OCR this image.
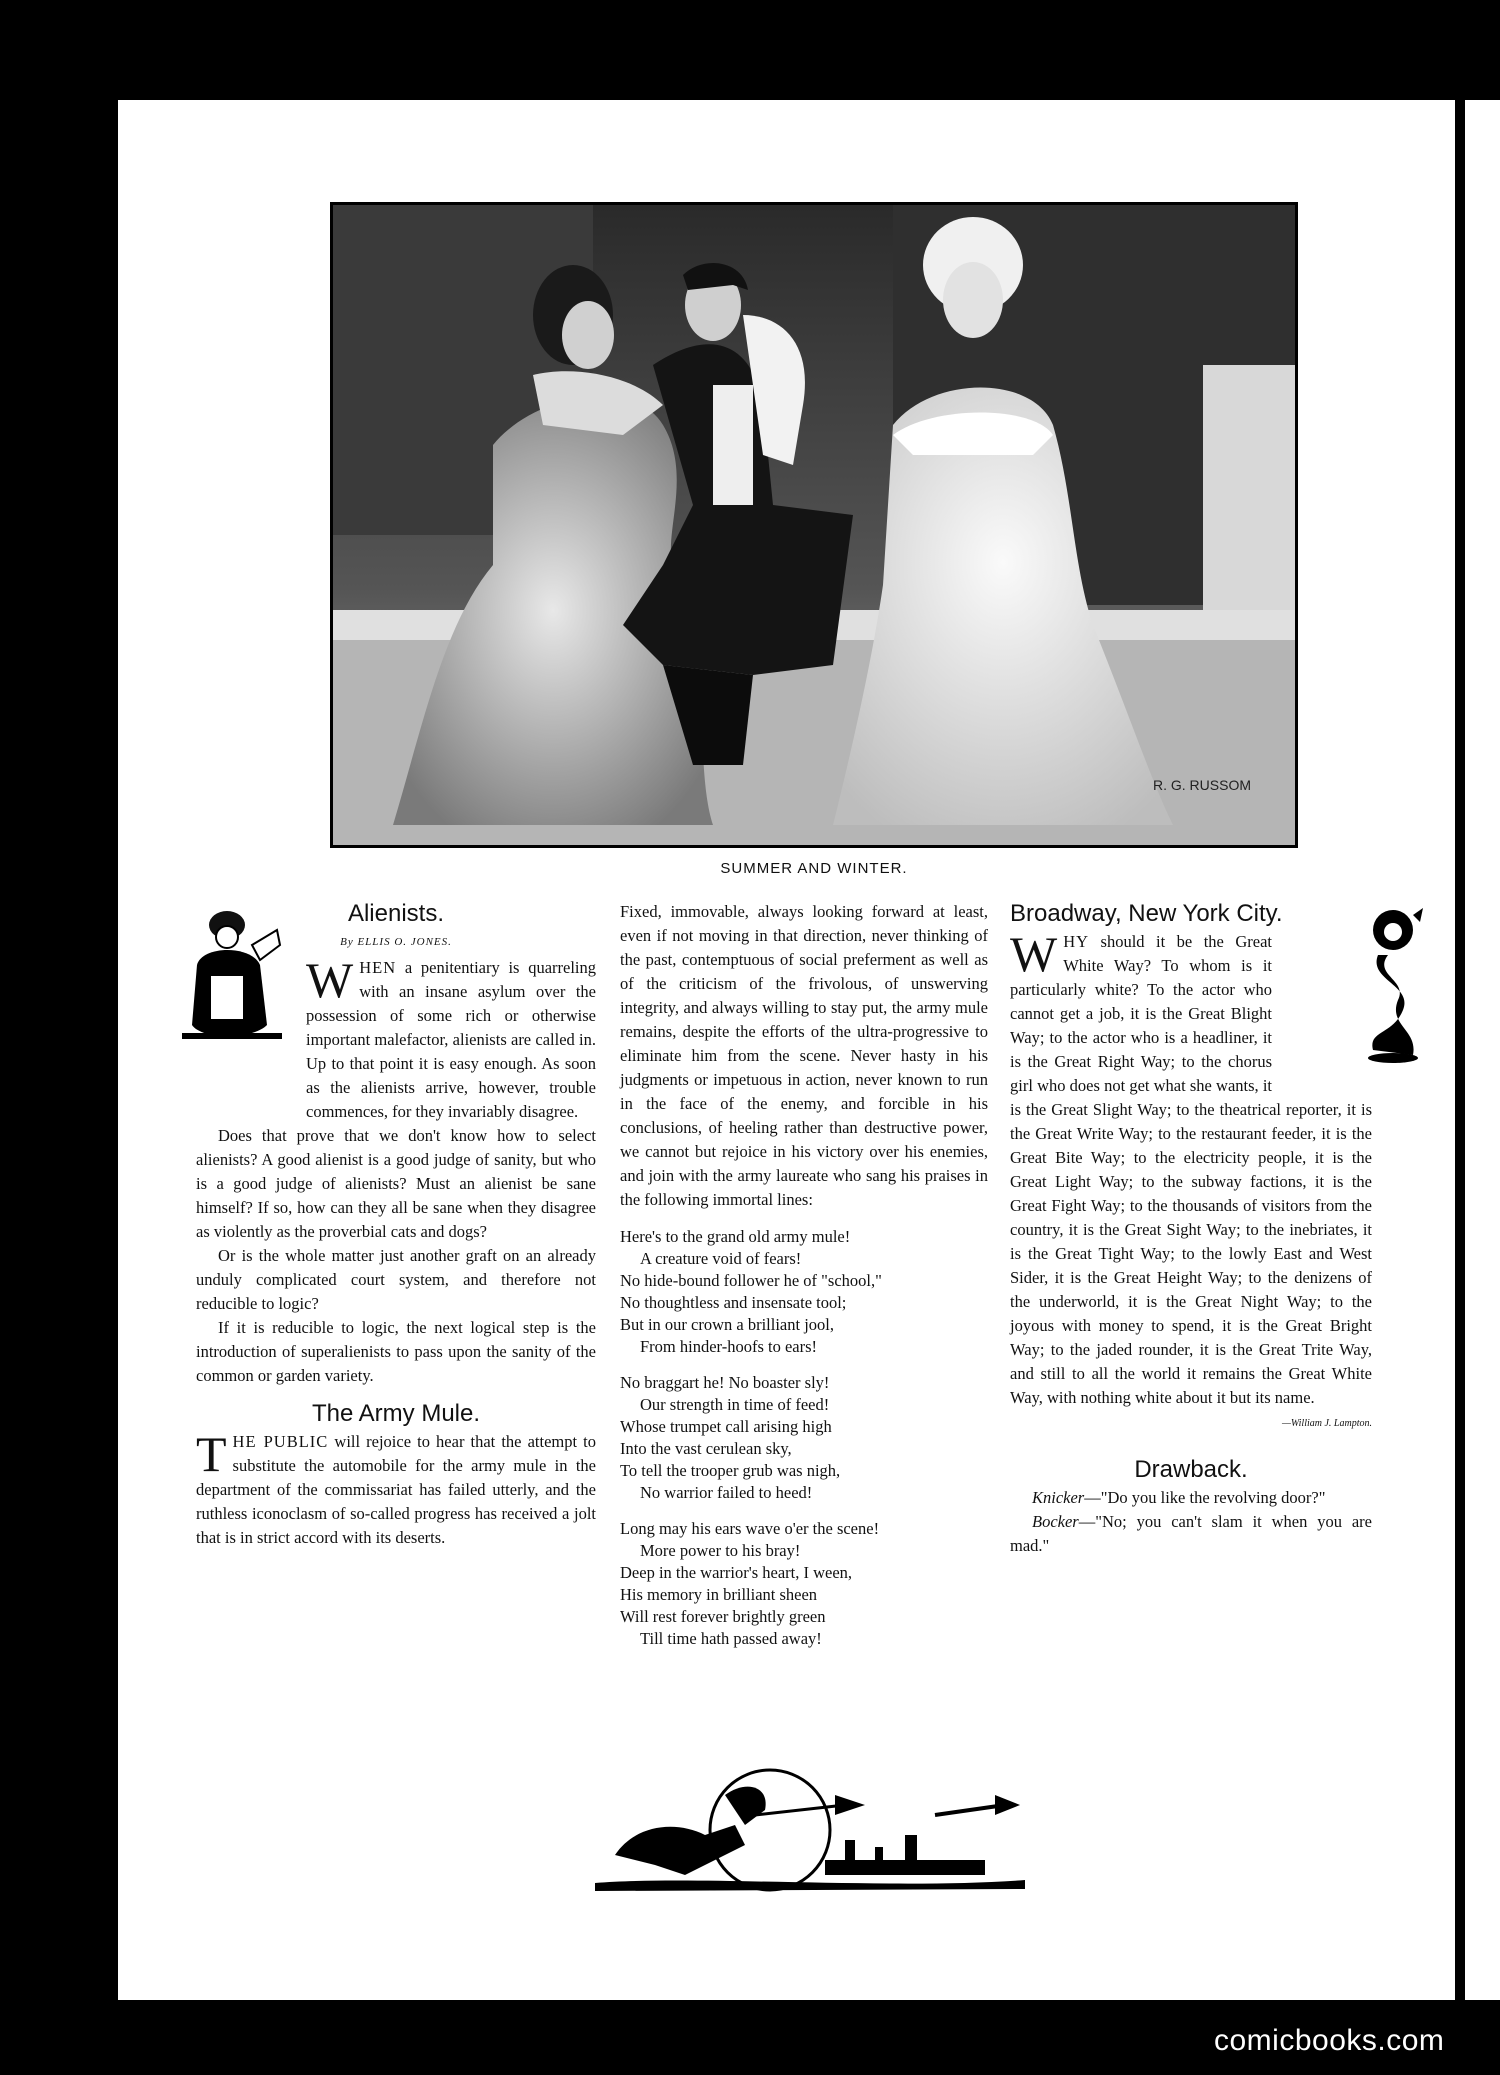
R. G. RUSSOM
SUMMER AND WINTER.
Alienists.
By ELLIS O. JONES.

WHEN a penitentiary is quarreling with an insane asylum over the possession of some rich or otherwise important malefactor, alienists are called in. Up to that point it is easy enough. As soon as the alienists arrive, however, trouble commences, for they invariably disagree.

Does that prove that we don't know how to select alienists? A good alienist is a good judge of sanity, but who is a good judge of alienists? Must an alienist be sane himself? If so, how can they all be sane when they disagree as violently as the proverbial cats and dogs?

Or is the whole matter just another graft on an already unduly complicated court system, and therefore not reducible to logic?

If it is reducible to logic, the next logical step is the introduction of superalienists to pass upon the sanity of the common or garden variety.

The Army Mule.

THE PUBLIC will rejoice to hear that the attempt to substitute the automobile for the army mule in the department of the commissariat has failed utterly, and the ruthless iconoclasm of so-called progress has received a jolt that is in strict accord with its deserts.

Fixed, immovable, always looking forward at least, even if not moving in that direction, never thinking of the past, contemptuous of social preferment as well as of the criticism of the frivolous, of unswerving integrity, and always willing to stay put, the army mule remains, despite the efforts of the ultra-progressive to eliminate him from the scene. Never hasty in his judgments or impetuous in action, never known to run in the face of the enemy, and forcible in his conclusions, of heeling rather than destructive power, we cannot but rejoice in his victory over his enemies, and join with the army laureate who sang his praises in the following immortal lines:

Here's to the grand old army mule!
A creature void of fears!
No hide-bound follower he of "school,"
No thoughtless and insensate tool;
But in our crown a brilliant jool,
From hinder-hoofs to ears!
No braggart he! No boaster sly!
Our strength in time of feed!
Whose trumpet call arising high
Into the vast cerulean sky,
To tell the trooper grub was nigh,
No warrior failed to heed!
Long may his ears wave o'er the scene!
More power to his bray!
Deep in the warrior's heart, I ween,
His memory in brilliant sheen
Will rest forever brightly green
Till time hath passed away!
Broadway, New York City.

WHY should it be the Great White Way? To whom is it particularly white? To the actor who cannot get a job, it is the Great Blight Way; to the actor who is a headliner, it is the Great Right Way; to the chorus girl who does not get what she wants, it is the Great Slight Way; to the theatrical reporter, it is the Great Write Way; to the restaurant feeder, it is the Great Bite Way; to the electricity people, it is the Great Light Way; to the subway factions, it is the Great Fight Way; to the thousands of visitors from the country, it is the Great Sight Way; to the inebriates, it is the Great Tight Way; to the lowly East and West Sider, it is the Great Height Way; to the denizens of the underworld, it is the Great Night Way; to the joyous with money to spend, it is the Great Bright Way; to the jaded rounder, it is the Great Trite Way, and still to all the world it remains the Great White Way, with nothing white about it but its name.

—William J. Lampton.
Drawback.

Knicker—"Do you like the revolving door?"

Bocker—"No; you can't slam it when you are mad."

comicbooks.com
